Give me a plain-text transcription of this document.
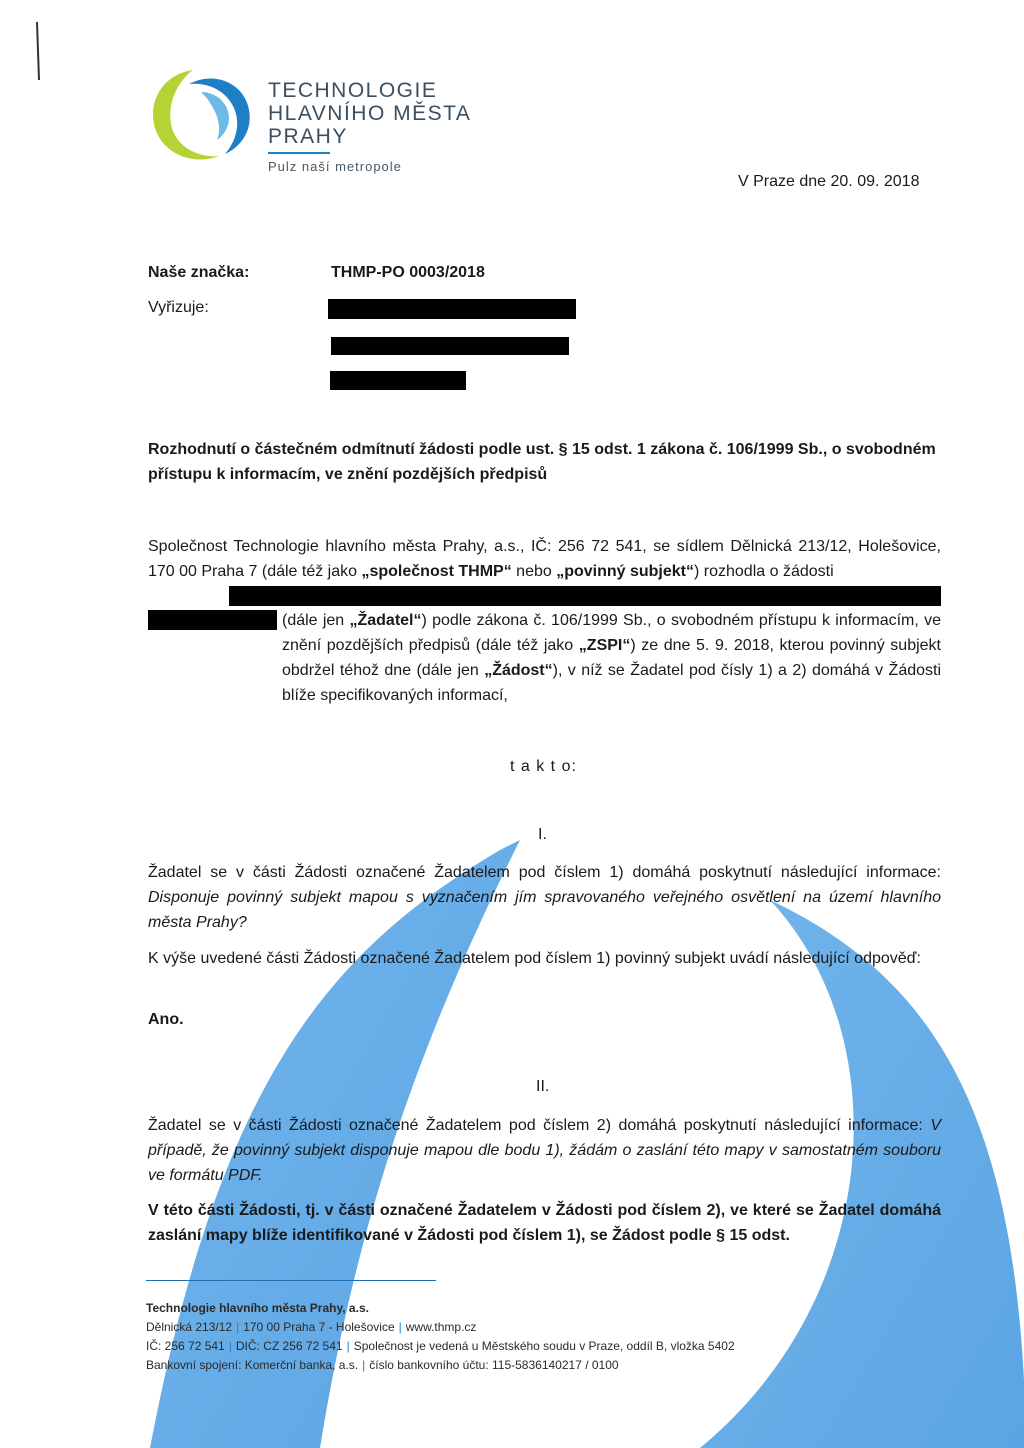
TECHNOLOGIE
HLAVNÍHO MĚSTA
PRAHY
Pulz naší metropole
V Praze dne 20. 09. 2018
Naše značka:	THMP-PO 0003/2018
Vyřizuje:
Rozhodnutí o částečném odmítnutí žádosti podle ust. § 15 odst. 1 zákona č. 106/1999 Sb., o svobodném přístupu k informacím, ve znění pozdějších předpisů
Společnost Technologie hlavního města Prahy, a.s., IČ: 256 72 541, se sídlem Dělnická 213/12, Holešovice, 170 00 Praha 7 (dále též jako „společnost THMP“ nebo „povinný subjekt“) rozhodla o žádosti
(dále jen „Žadatel“) podle zákona č. 106/1999 Sb., o svobodném přístupu k informacím, ve znění pozdějších předpisů (dále též jako „ZSPI“) ze dne 5. 9. 2018, kterou povinný subjekt obdržel téhož dne (dále jen „Žádost“), v níž se Žadatel pod čísly 1) a 2) domáhá v Žádosti blíže specifikovaných informací,
t a k t o:
I.
Žadatel se v části Žádosti označené Žadatelem pod číslem 1) domáhá poskytnutí následující informace: Disponuje povinný subjekt mapou s vyznačením jím spravovaného veřejného osvětlení na území hlavního města Prahy?
K výše uvedené části Žádosti označené Žadatelem pod číslem 1) povinný subjekt uvádí následující odpověď:
Ano.
II.
Žadatel se v části Žádosti označené Žadatelem pod číslem 2) domáhá poskytnutí následující informace: V případě, že povinný subjekt disponuje mapou dle bodu 1), žádám o zaslání této mapy v samostatném souboru ve formátu PDF.
V této části Žádosti, tj. v části označené Žadatelem v Žádosti pod číslem 2), ve které se Žadatel domáhá zaslání mapy blíže identifikované v Žádosti pod číslem 1), se Žádost podle § 15 odst.
Technologie hlavního města Prahy, a.s.
Dělnická 213/12 | 170 00 Praha 7 - Holešovice | www.thmp.cz
IČ: 256 72 541 | DIČ: CZ 256 72 541 | Společnost je vedená u Městského soudu v Praze, oddíl B, vložka 5402
Bankovní spojení: Komerční banka, a.s. | číslo bankovního účtu: 115-5836140217 / 0100
